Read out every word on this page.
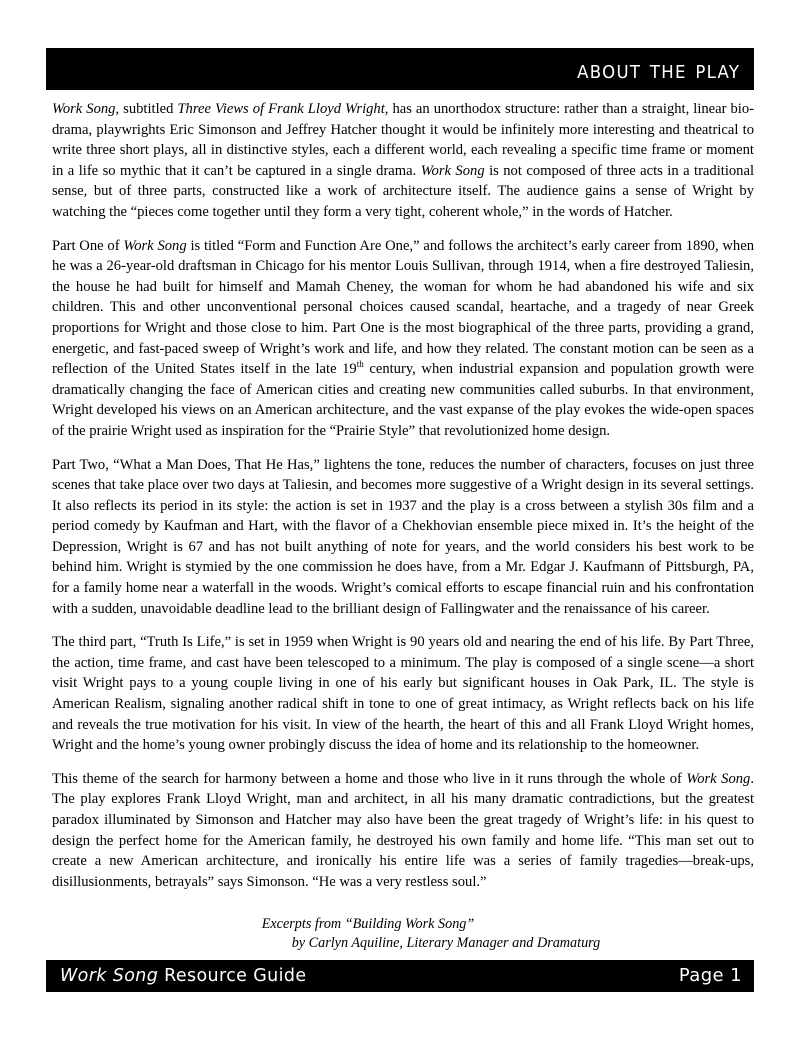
about the play

Work Song, subtitled Three Views of Frank Lloyd Wright, has an unorthodox structure: rather than a straight, linear bio-drama, playwrights Eric Simonson and Jeffrey Hatcher thought it would be infinitely more interesting and theatrical to write three short plays, all in distinctive styles, each a different world, each revealing a specific time frame or moment in a life so mythic that it can’t be captured in a single drama. Work Song is not composed of three acts in a traditional sense, but of three parts, constructed like a work of architecture itself. The audience gains a sense of Wright by watching the “pieces come together until they form a very tight, coherent whole,” in the words of Hatcher.

Part One of Work Song is titled “Form and Function Are One,” and follows the architect’s early career from 1890, when he was a 26-year-old draftsman in Chicago for his mentor Louis Sullivan, through 1914, when a fire destroyed Taliesin, the house he had built for himself and Mamah Cheney, the woman for whom he had abandoned his wife and six children. This and other unconventional personal choices caused scandal, heartache, and a tragedy of near Greek proportions for Wright and those close to him. Part One is the most biographical of the three parts, providing a grand, energetic, and fast-paced sweep of Wright’s work and life, and how they related. The constant motion can be seen as a reflection of the United States itself in the late 19th century, when industrial expansion and population growth were dramatically changing the face of American cities and creating new communities called suburbs. In that environment, Wright developed his views on an American architecture, and the vast expanse of the play evokes the wide-open spaces of the prairie Wright used as inspiration for the “Prairie Style” that revolutionized home design.

Part Two, “What a Man Does, That He Has,” lightens the tone, reduces the number of characters, focuses on just three scenes that take place over two days at Taliesin, and becomes more suggestive of a Wright design in its several settings. It also reflects its period in its style: the action is set in 1937 and the play is a cross between a stylish 30s film and a period comedy by Kaufman and Hart, with the flavor of a Chekhovian ensemble piece mixed in. It’s the height of the Depression, Wright is 67 and has not built anything of note for years, and the world considers his best work to be behind him. Wright is stymied by the one commission he does have, from a Mr. Edgar J. Kaufmann of Pittsburgh, PA, for a family home near a waterfall in the woods. Wright’s comical efforts to escape financial ruin and his confrontation with a sudden, unavoidable deadline lead to the brilliant design of Fallingwater and the renaissance of his career.

The third part, “Truth Is Life,” is set in 1959 when Wright is 90 years old and nearing the end of his life. By Part Three, the action, time frame, and cast have been telescoped to a minimum. The play is composed of a single scene—a short visit Wright pays to a young couple living in one of his early but significant houses in Oak Park, IL. The style is American Realism, signaling another radical shift in tone to one of great intimacy, as Wright reflects back on his life and reveals the true motivation for his visit. In view of the hearth, the heart of this and all Frank Lloyd Wright homes, Wright and the home’s young owner probingly discuss the idea of home and its relationship to the homeowner.

This theme of the search for harmony between a home and those who live in it runs through the whole of Work Song. The play explores Frank Lloyd Wright, man and architect, in all his many dramatic contradictions, but the greatest paradox illuminated by Simonson and Hatcher may also have been the great tragedy of Wright’s life: in his quest to design the perfect home for the American family, he destroyed his own family and home life. “This man set out to create a new American architecture, and ironically his entire life was a series of family tragedies—break-ups, disillusionments, betrayals” says Simonson. “He was a very restless soul.”

Excerpts from “Building Work Song”
by Carlyn Aquiline, Literary Manager and Dramaturg
Work Song Resource Guide	Page 1
